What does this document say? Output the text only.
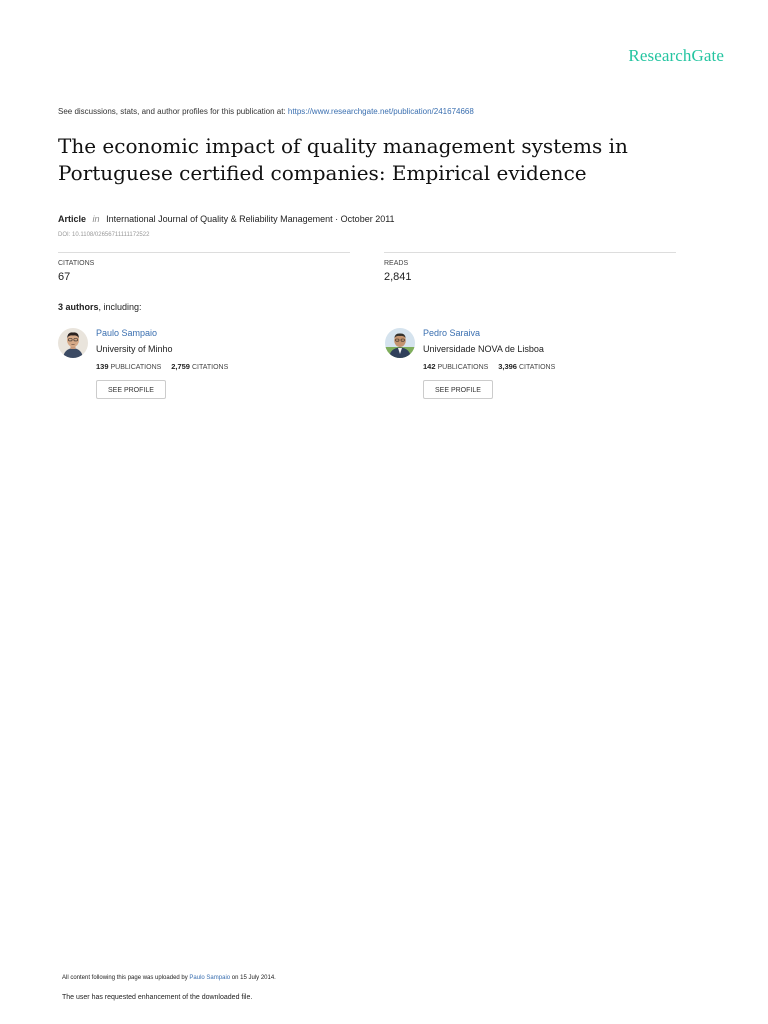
ResearchGate
See discussions, stats, and author profiles for this publication at: https://www.researchgate.net/publication/241674668
The economic impact of quality management systems in Portuguese certified companies: Empirical evidence
Article in International Journal of Quality & Reliability Management · October 2011
DOI: 10.1108/02656711111172522
CITATIONS
67
READS
2,841
3 authors, including:
Paulo Sampaio
University of Minho
139 PUBLICATIONS 2,759 CITATIONS
SEE PROFILE
Pedro Saraiva
Universidade NOVA de Lisboa
142 PUBLICATIONS 3,396 CITATIONS
SEE PROFILE
All content following this page was uploaded by Paulo Sampaio on 15 July 2014.
The user has requested enhancement of the downloaded file.
